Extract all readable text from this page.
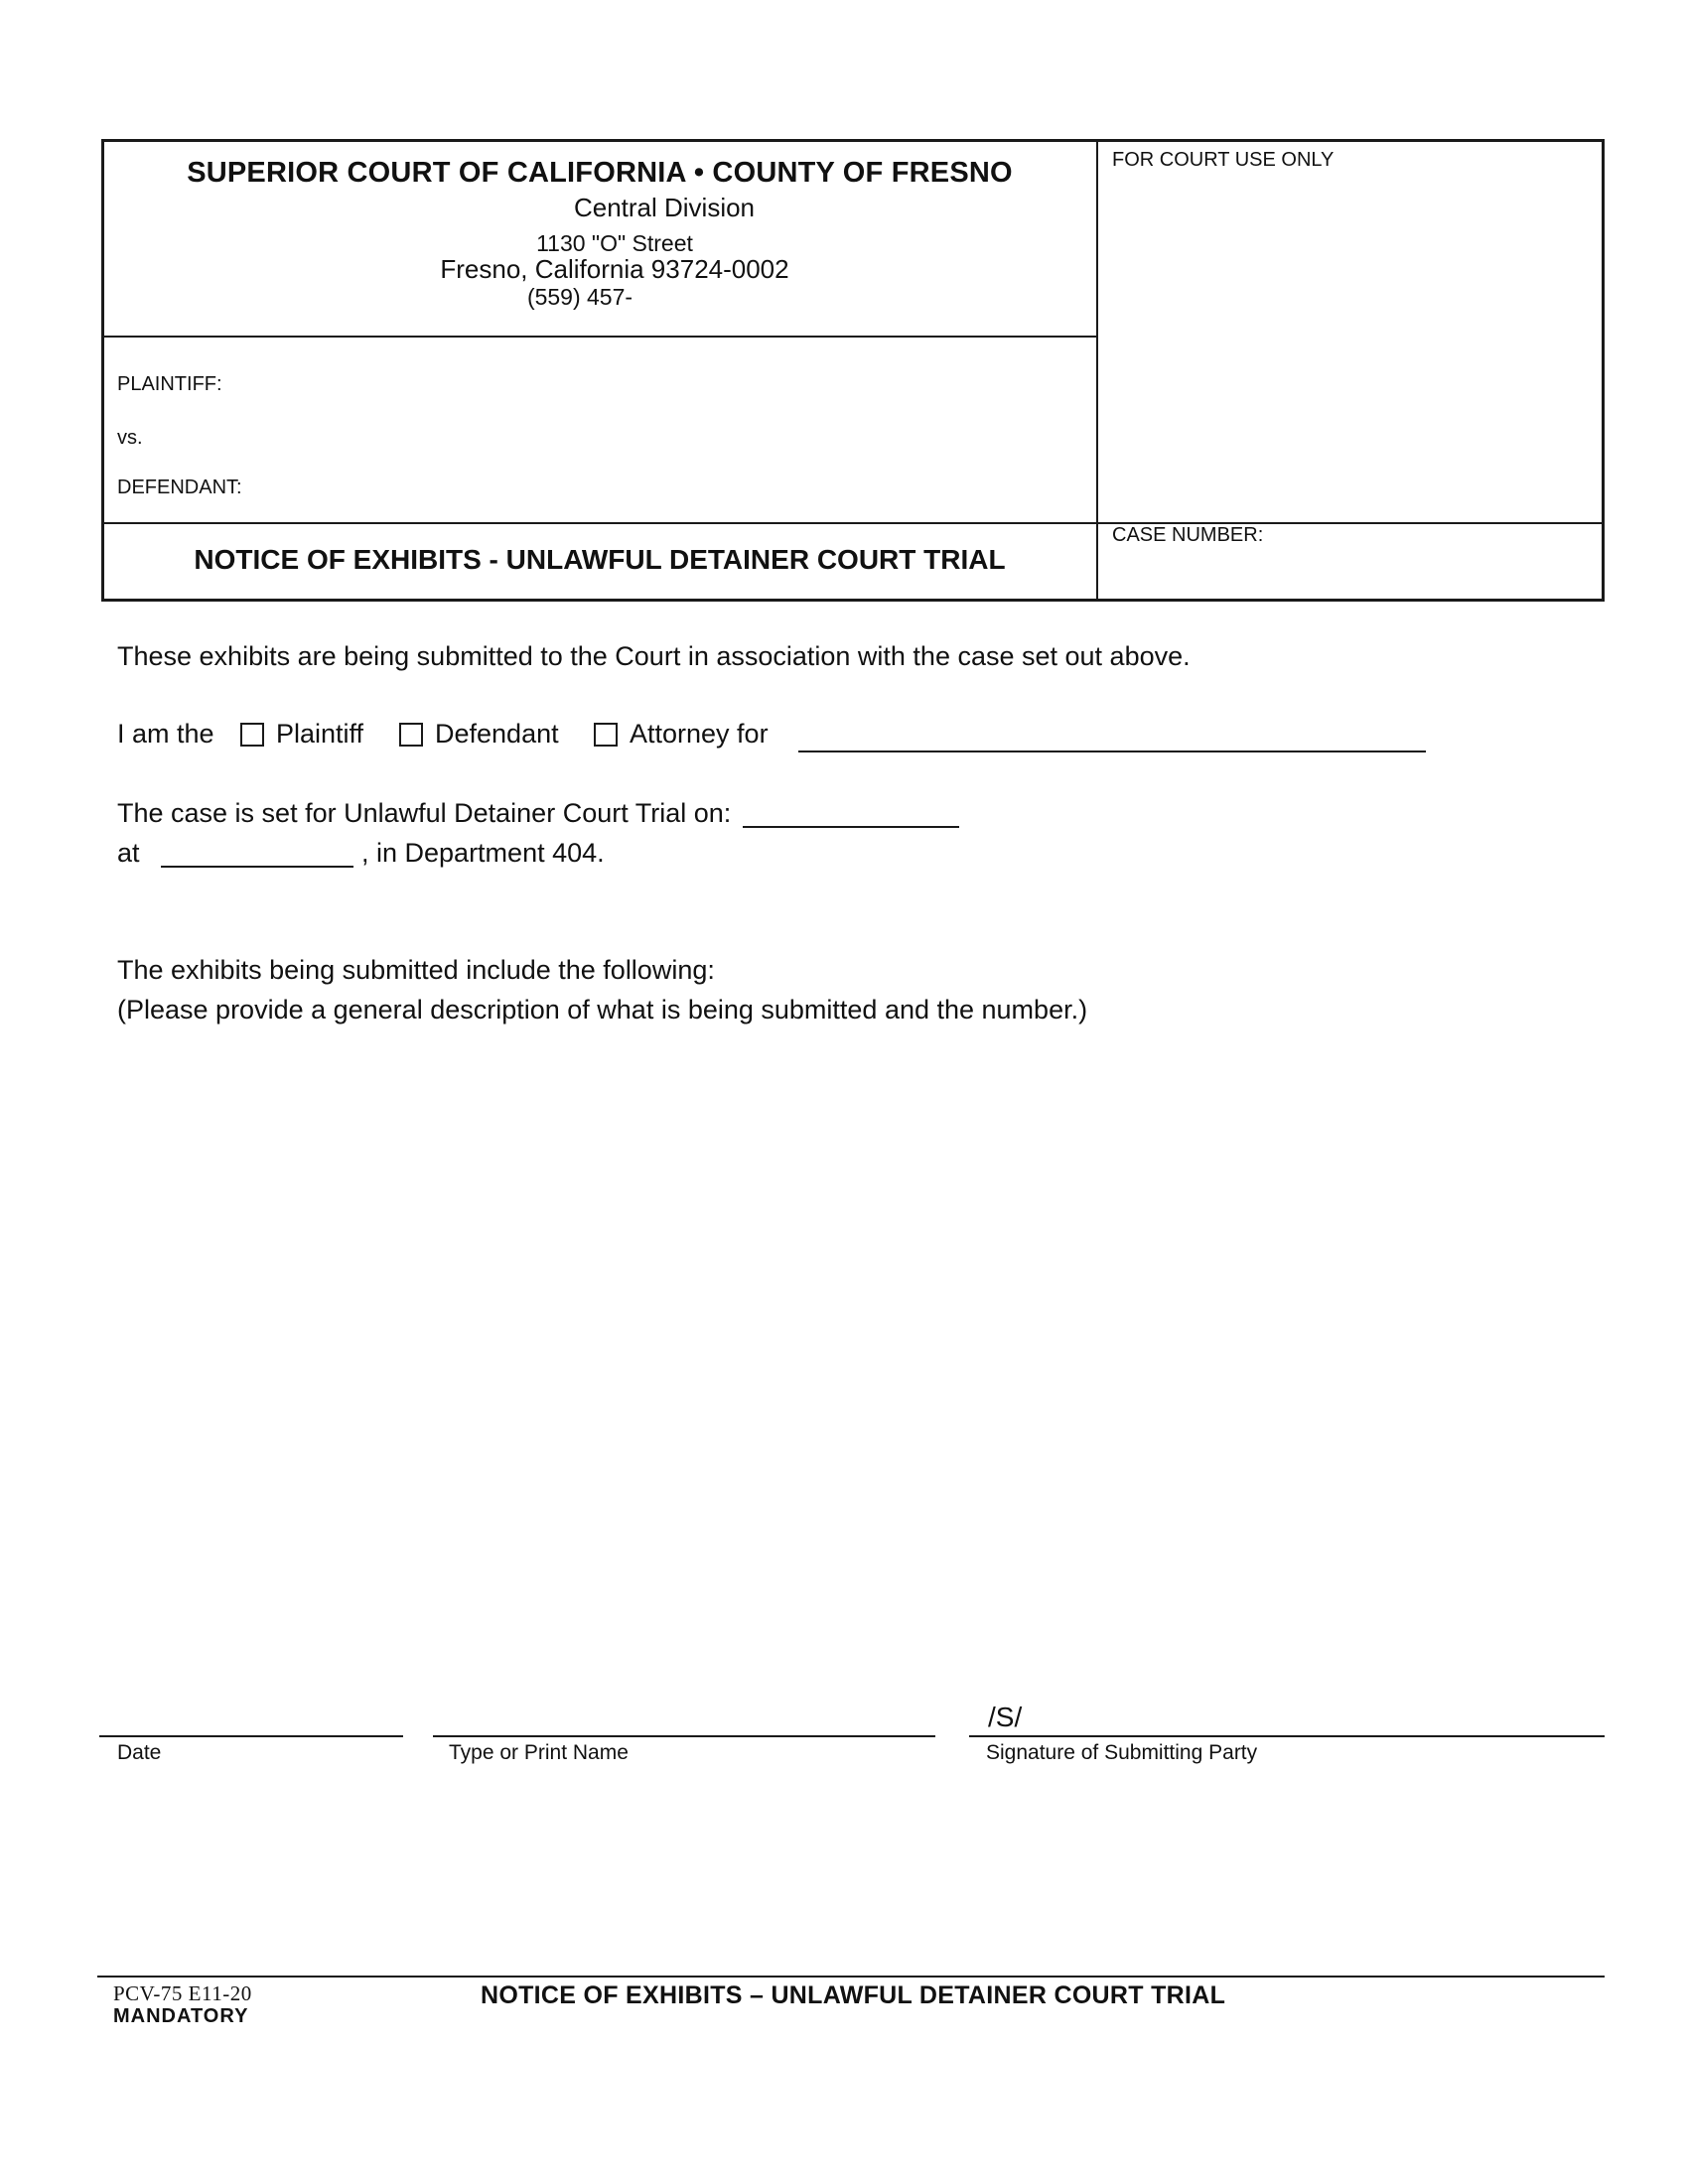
SUPERIOR COURT OF CALIFORNIA • COUNTY OF FRESNO
Central Division
1130 "O" Street
Fresno, California 93724-0002
(559) 457-
FOR COURT USE ONLY
CASE NUMBER:
PLAINTIFF:
vs.
DEFENDANT:
NOTICE OF EXHIBITS - UNLAWFUL DETAINER COURT TRIAL
These exhibits are being submitted to the Court in association with the case set out above.
I am the Plaintiff	Defendant	Attorney for
The case is set for Unlawful Detainer Court Trial on:
at	, in Department 404.
The exhibits being submitted include the following:
(Please provide a general description of what is being submitted and the number.)
/S/
Date	Type or Print Name	Signature of Submitting Party
PCV-75 E11-20
MANDATORY
NOTICE OF EXHIBITS – UNLAWFUL DETAINER COURT TRIAL
